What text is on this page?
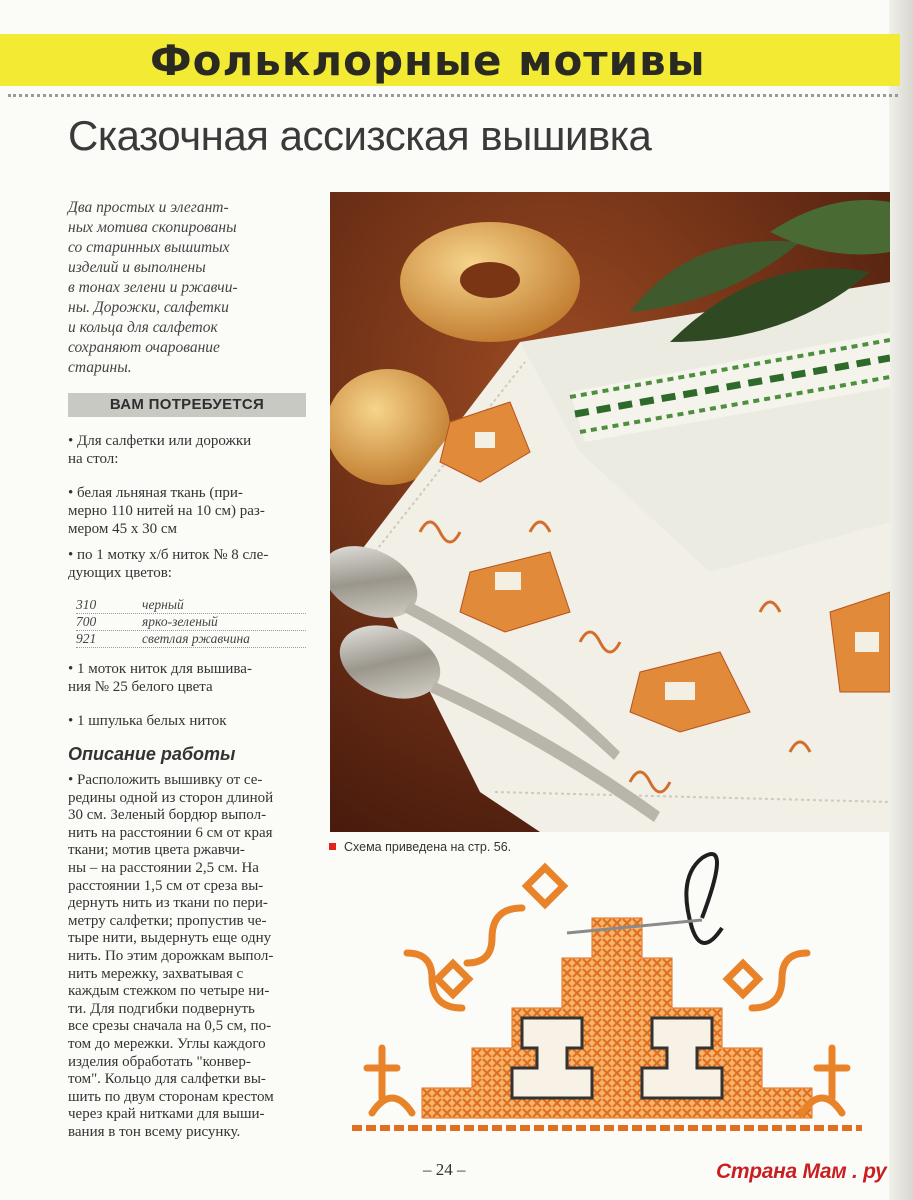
Фольклорные мотивы
Сказочная ассизская вышивка
Два простых и элегант-
ных мотива скопированы
со старинных вышитых
изделий и выполнены
в тонах зелени и ржавчи-
ны. Дорожки, салфетки
и кольца для салфеток
сохраняют очарование
старины.
ВАМ ПОТРЕБУЕТСЯ
• Для салфетки или дорожки
на стол:
• белая льняная ткань (при-
мерно 110 нитей на 10 см) раз-
мером 45 х 30 см
• по 1 мотку х/б ниток № 8 сле-
дующих цветов:
310	черный
700	ярко-зеленый
921	светлая ржавчина
• 1 моток ниток для вышива-
ния № 25 белого цвета
• 1 шпулька белых ниток
Описание работы
• Расположить вышивку от се-
редины одной из сторон длиной
30 см. Зеленый бордюр выпол-
нить на расстоянии 6 см от края
ткани; мотив цвета ржавчи-
ны – на расстоянии 2,5 см. На
расстоянии 1,5 см от среза вы-
дернуть нить из ткани по пери-
метру салфетки; пропустив че-
тыре нити, выдернуть еще одну
нить. По этим дорожкам выпол-
нить мережку, захватывая с
каждым стежком по четыре ни-
ти. Для подгибки подвернуть
все срезы сначала на 0,5 см, по-
том до мережки. Углы каждого
изделия обработать "конвер-
том". Кольцо для салфетки вы-
шить по двум сторонам крестом
через край нитками для выши-
вания в тон всему рисунку.
Схема приведена на стр. 56.
– 24 –	Страна Мам . ру
